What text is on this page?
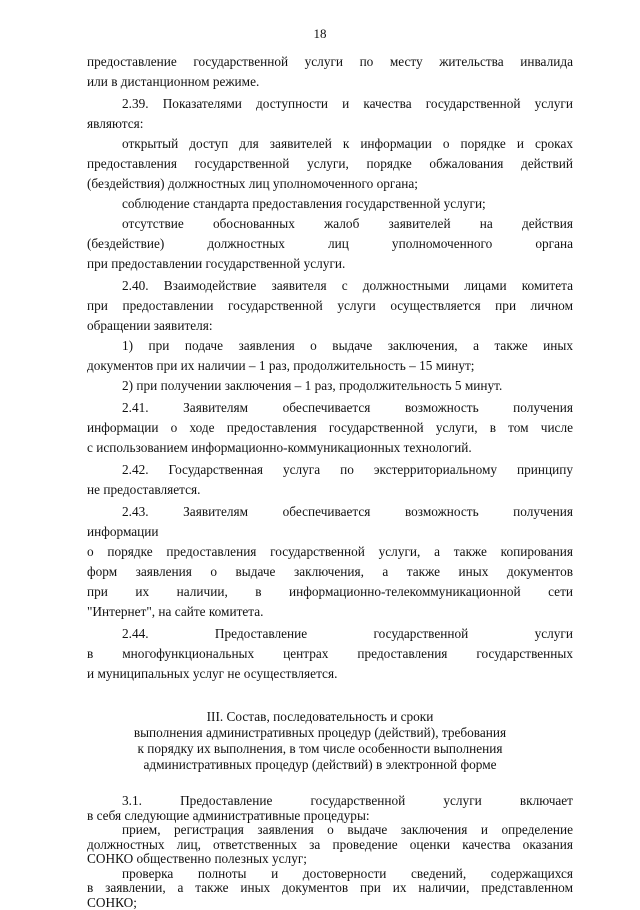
18
предоставление государственной услуги по месту жительства инвалида
или в дистанционном режиме.
2.39. Показателями доступности и качества государственной услуги
являются:
открытый доступ для заявителей к информации о порядке и сроках
предоставления государственной услуги, порядке обжалования действий
(бездействия) должностных лиц уполномоченного органа;
соблюдение стандарта предоставления государственной услуги;
отсутствие обоснованных жалоб заявителей на действия
(бездействие) должностных лиц уполномоченного органа
при предоставлении государственной услуги.
2.40. Взаимодействие заявителя с должностными лицами комитета
при предоставлении государственной услуги осуществляется при личном
обращении заявителя:
1) при подаче заявления о выдаче заключения, а также иных
документов при их наличии – 1 раз, продолжительность – 15 минут;
2) при получении заключения – 1 раз, продолжительность 5 минут.
2.41. Заявителям обеспечивается возможность получения
информации о ходе предоставления государственной услуги, в том числе
с использованием информационно-коммуникационных технологий.
2.42. Государственная услуга по экстерриториальному принципу
не предоставляется.
2.43. Заявителям обеспечивается возможность получения
информации
о порядке предоставления государственной услуги, а также копирования
форм заявления о выдаче заключения, а также иных документов
при их наличии, в информационно-телекоммуникационной сети
"Интернет", на сайте комитета.
2.44. Предоставление государственной услуги
в многофункциональных центрах предоставления государственных
и муниципальных услуг не осуществляется.
III. Состав, последовательность и сроки
выполнения административных процедур (действий), требования
к порядку их выполнения, в том числе особенности выполнения
административных процедур (действий) в электронной форме
3.1. Предоставление государственной услуги включает
в себя следующие административные процедуры:
прием, регистрация заявления о выдаче заключения и определение
должностных лиц, ответственных за проведение оценки качества оказания
СОНКО общественно полезных услуг;
проверка полноты и достоверности сведений, содержащихся
в заявлении, а также иных документов при их наличии, представленном
СОНКО;
